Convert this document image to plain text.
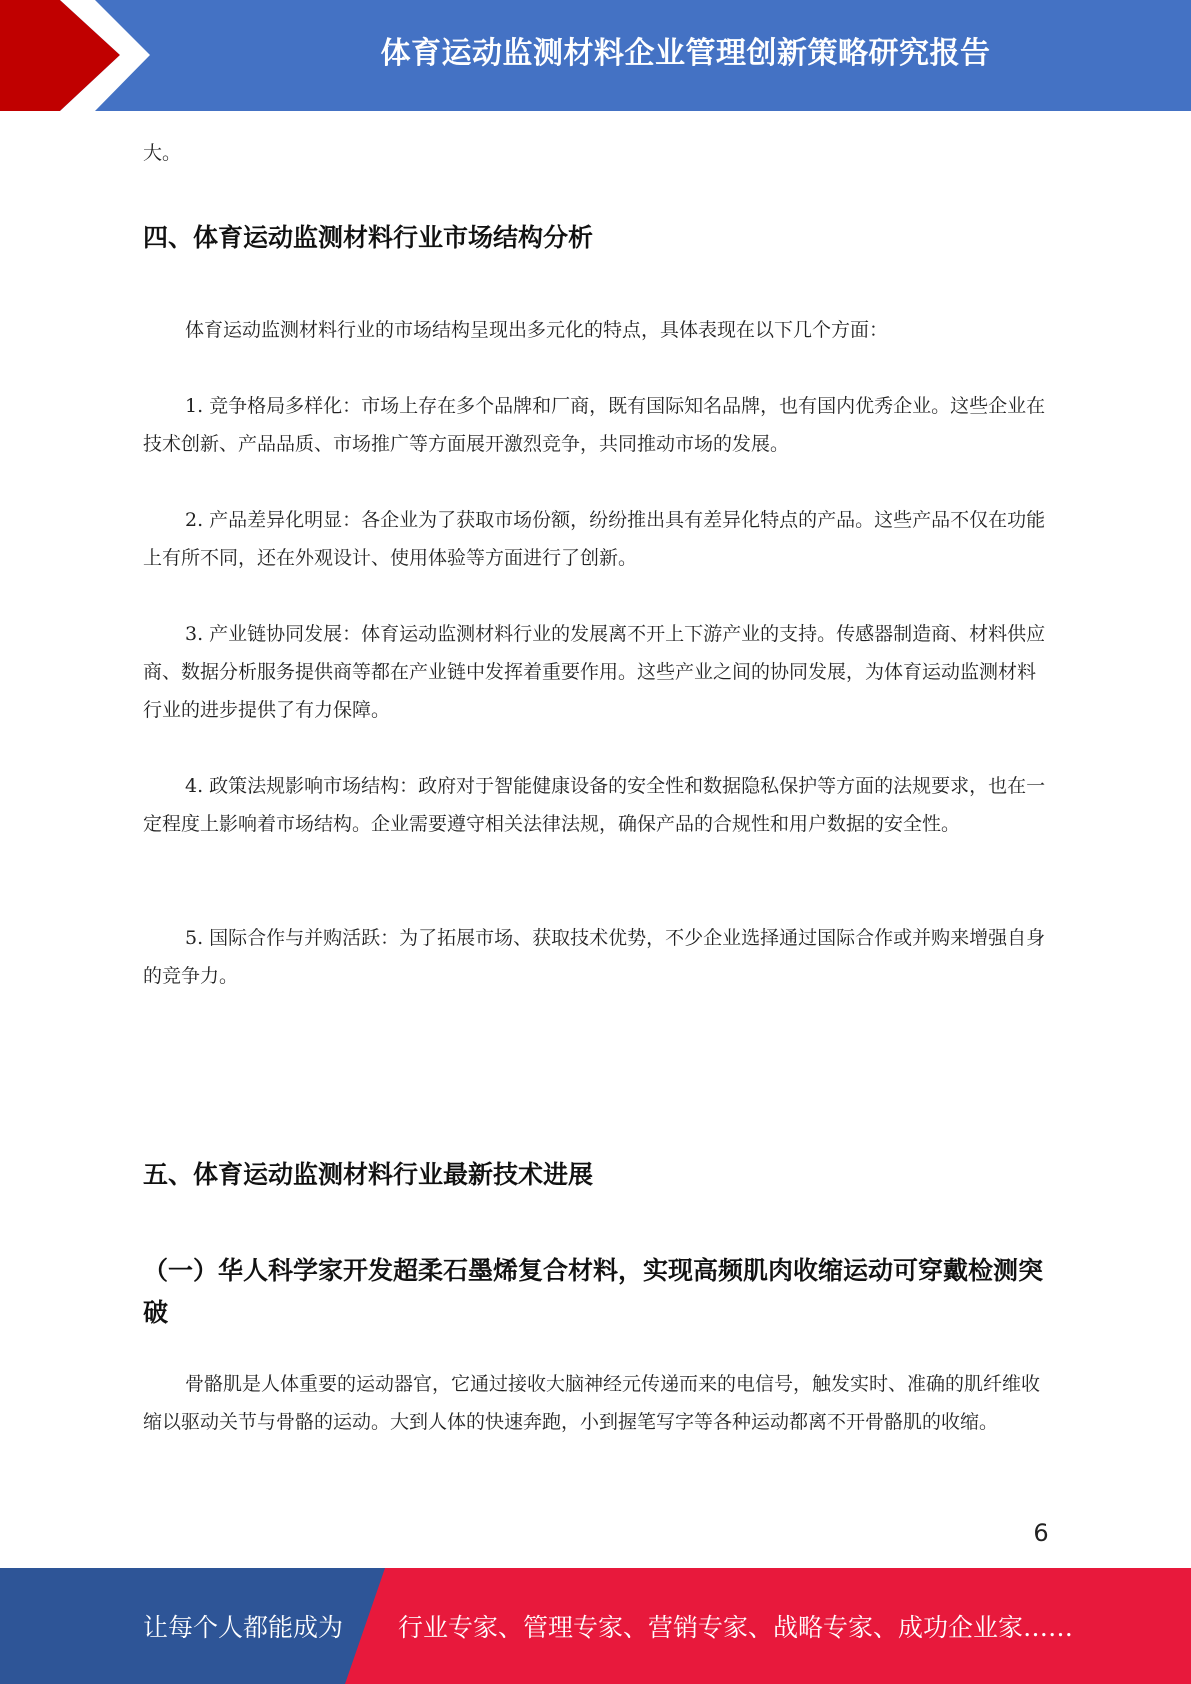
体育运动监测材料企业管理创新策略研究报告

大。

四、体育运动监测材料行业市场结构分析

体育运动监测材料行业的市场结构呈现出多元化的特点，具体表现在以下几个方面：

1. 竞争格局多样化：市场上存在多个品牌和厂商，既有国际知名品牌，也有国内优秀企业。这些企业在技术创新、产品品质、市场推广等方面展开激烈竞争，共同推动市场的发展。

2. 产品差异化明显：各企业为了获取市场份额，纷纷推出具有差异化特点的产品。这些产品不仅在功能上有所不同，还在外观设计、使用体验等方面进行了创新。

3. 产业链协同发展：体育运动监测材料行业的发展离不开上下游产业的支持。传感器制造商、材料供应商、数据分析服务提供商等都在产业链中发挥着重要作用。这些产业之间的协同发展，为体育运动监测材料行业的进步提供了有力保障。

4. 政策法规影响市场结构：政府对于智能健康设备的安全性和数据隐私保护等方面的法规要求，也在一定程度上影响着市场结构。企业需要遵守相关法律法规，确保产品的合规性和用户数据的安全性。

5. 国际合作与并购活跃：为了拓展市场、获取技术优势，不少企业选择通过国际合作或并购来增强自身的竞争力。

五、体育运动监测材料行业最新技术进展
（一）华人科学家开发超柔石墨烯复合材料，实现高频肌肉收缩运动可穿戴检测突破

骨骼肌是人体重要的运动器官，它通过接收大脑神经元传递而来的电信号，触发实时、准确的肌纤维收缩以驱动关节与骨骼的运动。大到人体的快速奔跑，小到握笔写字等各种运动都离不开骨骼肌的收缩。

6
让每个人都能成为 行业专家、管理专家、营销专家、战略专家、成功企业家……
